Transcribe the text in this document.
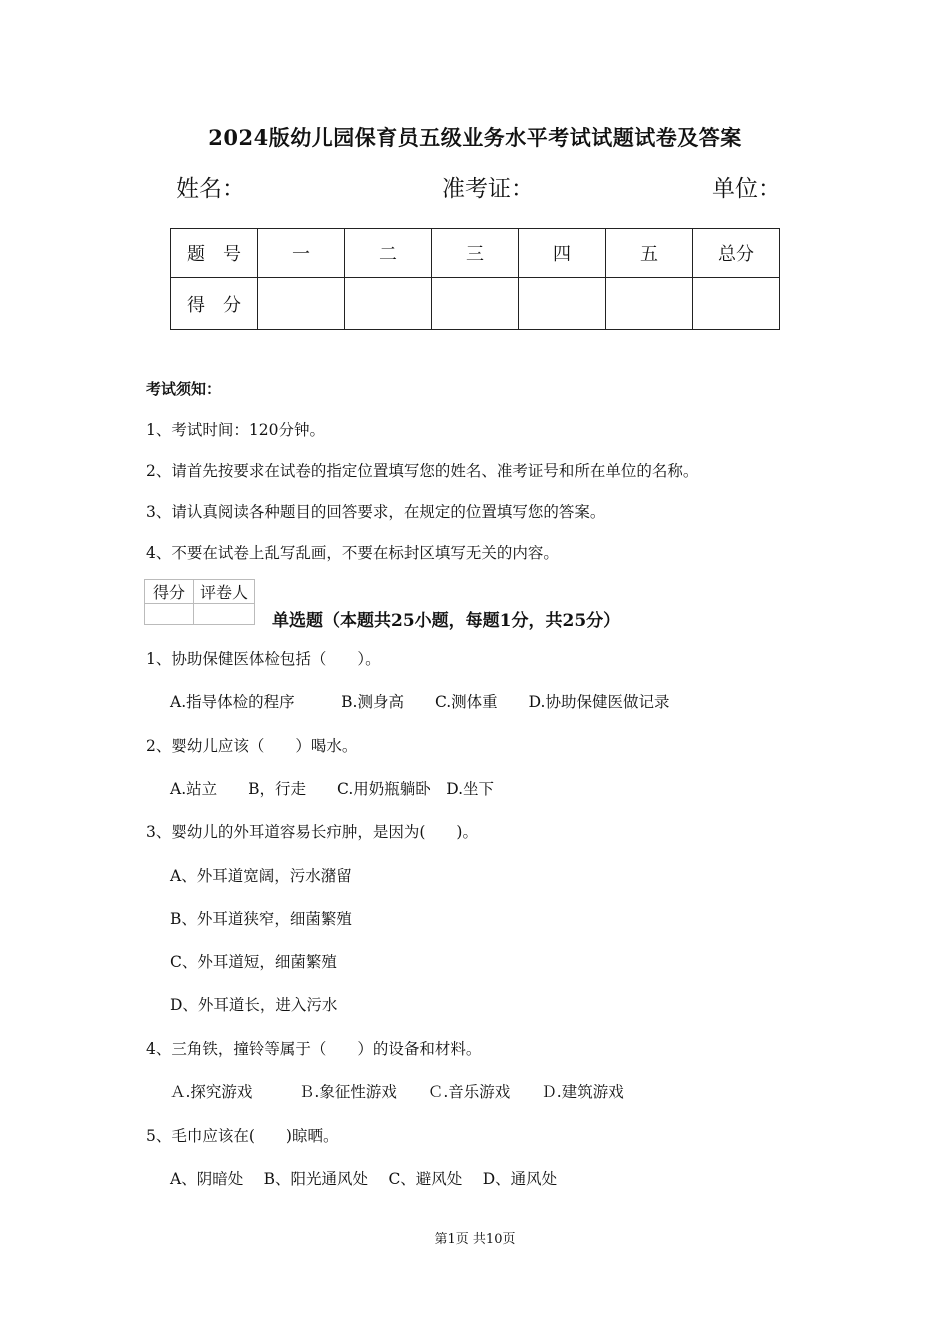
2024版幼儿园保育员五级业务水平考试试题试卷及答案
姓名：	准考证：	单位：
题　号	一	二	三	四	五	总分
得　分						
考试须知：
1、考试时间：120分钟。
2、请首先按要求在试卷的指定位置填写您的姓名、准考证号和所在单位的名称。
3、请认真阅读各种题目的回答要求，在规定的位置填写您的答案。
4、不要在试卷上乱写乱画，不要在标封区填写无关的内容。
得分	评卷人

单选题（本题共25小题，每题1分，共25分）
1、协助保健医体检包括（　　）。
A.指导体检的程序　　　B.测身高　　C.测体重　　D.协助保健医做记录
2、婴幼儿应该（　　）喝水。
A.站立　　B，行走　　C.用奶瓶躺卧　D.坐下
3、婴幼儿的外耳道容易长疖肿，是因为(　　)。
A、外耳道宽阔，污水潴留
B、外耳道狭窄，细菌繁殖
C、外耳道短，细菌繁殖
D、外耳道长，进入污水
4、三角铁，撞铃等属于（　　）的设备和材料。
Ａ.探究游戏　　　Ｂ.象征性游戏　　Ｃ.音乐游戏　　Ｄ.建筑游戏
5、毛巾应该在(　　)晾晒。
A、阴暗处　 B、阳光通风处　 C、避风处　 D、通风处
第1页 共10页
